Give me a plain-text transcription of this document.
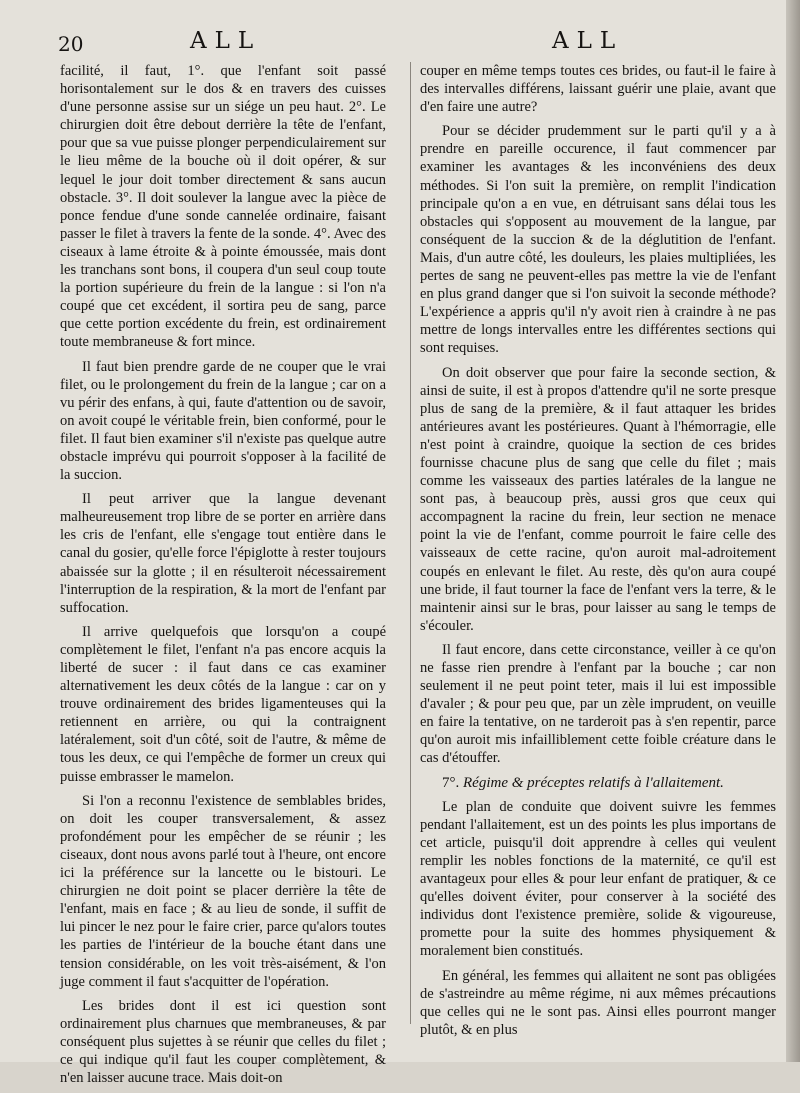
20	ALL	ALL

facilité, il faut, 1°. que l'enfant soit passé horisontalement sur le dos & en travers des cuisses d'une personne assise sur un siége un peu haut. 2°. Le chirurgien doit être debout derrière la tête de l'enfant, pour que sa vue puisse plonger perpendiculairement sur le lieu même de la bouche où il doit opérer, & sur lequel le jour doit tomber directement & sans aucun obstacle. 3°. Il doit soulever la langue avec la pièce de ponce fendue d'une sonde cannelée ordinaire, faisant passer le filet à travers la fente de la sonde. 4°. Avec des ciseaux à lame étroite & à pointe émoussée, mais dont les tranchans sont bons, il coupera d'un seul coup toute la portion supérieure du frein de la langue : si l'on n'a coupé que cet excédent, il sortira peu de sang, parce que cette portion excédente du frein, est ordinairement toute membraneuse & fort mince.

Il faut bien prendre garde de ne couper que le vrai filet, ou le prolongement du frein de la langue ; car on a vu périr des enfans, à qui, faute d'attention ou de savoir, on avoit coupé le véritable frein, bien conformé, pour le filet. Il faut bien examiner s'il n'existe pas quelque autre obstacle imprévu qui pourroit s'opposer à la facilité de la succion.

Il peut arriver que la langue devenant malheureusement trop libre de se porter en arrière dans les cris de l'enfant, elle s'engage tout entière dans le canal du gosier, qu'elle force l'épiglotte à rester toujours abaissée sur la glotte ; il en résulteroit nécessairement l'interruption de la respiration, & la mort de l'enfant par suffocation.

Il arrive quelquefois que lorsqu'on a coupé complètement le filet, l'enfant n'a pas encore acquis la liberté de sucer : il faut dans ce cas examiner alternativement les deux côtés de la langue : car on y trouve ordinairement des brides ligamenteuses qui la retiennent en arrière, ou qui la contraignent latéralement, soit d'un côté, soit de l'autre, & même de tous les deux, ce qui l'empêche de former un creux qui puisse embrasser le mamelon.

Si l'on a reconnu l'existence de semblables brides, on doit les couper transversalement, & assez profondément pour les empêcher de se réunir ; les ciseaux, dont nous avons parlé tout à l'heure, ont encore ici la préférence sur la lancette ou le bistouri. Le chirurgien ne doit point se placer derrière la tête de l'enfant, mais en face ; & au lieu de sonde, il suffit de lui pincer le nez pour le faire crier, parce qu'alors toutes les parties de l'intérieur de la bouche étant dans une tension considérable, on les voit très-aisément, & l'on juge comment il faut s'acquitter de l'opération.

Les brides dont il est ici question sont ordinairement plus charnues que membraneuses, & par conséquent plus sujettes à se réunir que celles du filet ; ce qui indique qu'il faut les couper complètement, & n'en laisser aucune trace. Mais doit-on

couper en même temps toutes ces brides, ou faut-il le faire à des intervalles différens, laissant guérir une plaie, avant que d'en faire une autre?

Pour se décider prudemment sur le parti qu'il y a à prendre en pareille occurence, il faut commencer par examiner les avantages & les inconvéniens des deux méthodes. Si l'on suit la première, on remplit l'indication principale qu'on a en vue, en détruisant sans délai tous les obstacles qui s'opposent au mouvement de la langue, par conséquent de la succion & de la déglutition de l'enfant. Mais, d'un autre côté, les douleurs, les plaies multipliées, les pertes de sang ne peuvent-elles pas mettre la vie de l'enfant en plus grand danger que si l'on suivoit la seconde méthode? L'expérience a appris qu'il n'y avoit rien à craindre à ne pas mettre de longs intervalles entre les différentes sections qui sont requises.

On doit observer que pour faire la seconde section, & ainsi de suite, il est à propos d'attendre qu'il ne sorte presque plus de sang de la première, & il faut attaquer les brides antérieures avant les postérieures. Quant à l'hémorragie, elle n'est point à craindre, quoique la section de ces brides fournisse chacune plus de sang que celle du filet ; mais comme les vaisseaux des parties latérales de la langue ne sont pas, à beaucoup près, aussi gros que ceux qui accompagnent la racine du frein, leur section ne menace point la vie de l'enfant, comme pourroit le faire celle des vaisseaux de cette racine, qu'on auroit mal-adroitement coupés en enlevant le filet. Au reste, dès qu'on aura coupé une bride, il faut tourner la face de l'enfant vers la terre, & le maintenir ainsi sur le bras, pour laisser au sang le temps de s'écouler.

Il faut encore, dans cette circonstance, veiller à ce qu'on ne fasse rien prendre à l'enfant par la bouche ; car non seulement il ne peut point teter, mais il lui est impossible d'avaler ; & pour peu que, par un zèle imprudent, on veuille en faire la tentative, on ne tarderoit pas à s'en repentir, parce qu'on auroit mis infailliblement cette foible créature dans le cas d'étouffer.

7°. Régime & préceptes relatifs à l'allaitement.

Le plan de conduite que doivent suivre les femmes pendant l'allaitement, est un des points les plus importans de cet article, puisqu'il doit apprendre à celles qui veulent remplir les nobles fonctions de la maternité, ce qu'il est avantageux pour elles & pour leur enfant de pratiquer, & ce qu'elles doivent éviter, pour conserver à la société des individus dont l'existence première, solide & vigoureuse, promette pour la suite des hommes physiquement & moralement bien constitués.

En général, les femmes qui allaitent ne sont pas obligées de s'astreindre au même régime, ni aux mêmes précautions que celles qui ne le sont pas. Ainsi elles pourront manger plutôt, & en plus
